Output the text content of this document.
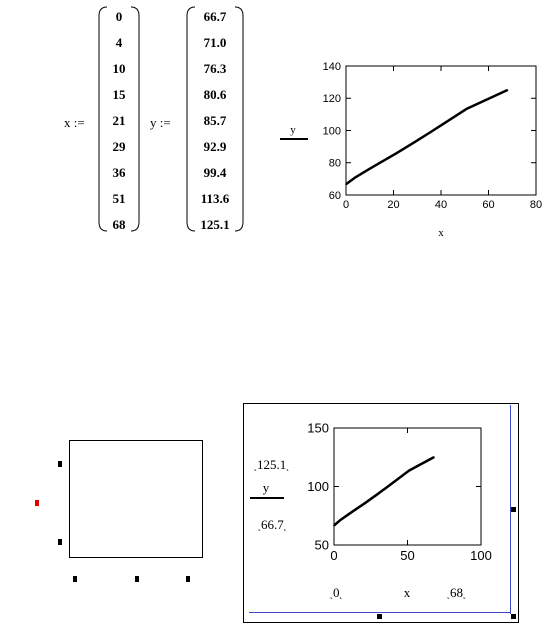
x :=
0
4
10
15
21
29
36
51
68
y :=
66.7
71.0
76.3
80.6
85.7
92.9
99.4
113.6
125.1
60
80
100
120
140
0	20	40	60	80
y
x
˛125.1˛
˛66.7˛
˛0˛	˛68˛
50
100
150
0	50	100
y
x
